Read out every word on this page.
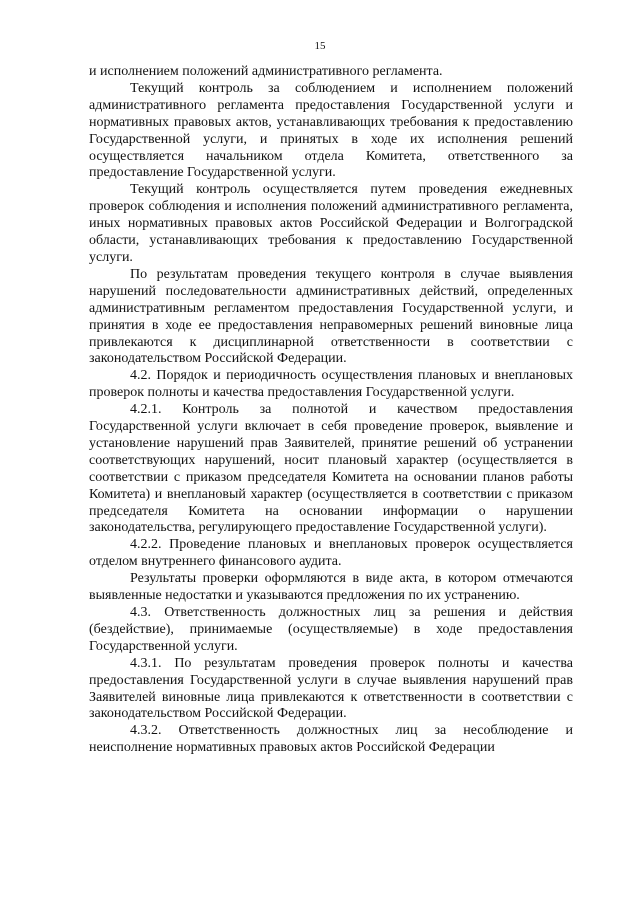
15

и исполнением положений административного регламента.

Текущий контроль за соблюдением и исполнением положений административного регламента предоставления Государственной услуги и нормативных правовых актов, устанавливающих требования к предоставлению Государственной услуги, и принятых в ходе их исполнения решений осуществляется начальником отдела Комитета, ответственного за предоставление Государственной услуги.

Текущий контроль осуществляется путем проведения ежедневных проверок соблюдения и исполнения положений административного регламента, иных нормативных правовых актов Российской Федерации и Волгоградской области, устанавливающих требования к предоставлению Государственной услуги.

По результатам проведения текущего контроля в случае выявления нарушений последовательности административных действий, определенных административным регламентом предоставления Государственной услуги, и принятия в ходе ее предоставления неправомерных решений виновные лица привлекаются к дисциплинарной ответственности в соответствии с законодательством Российской Федерации.

4.2. Порядок и периодичность осуществления плановых и внеплановых проверок полноты и качества предоставления Государственной услуги.

4.2.1. Контроль за полнотой и качеством предоставления Государственной услуги включает в себя проведение проверок, выявление и установление нарушений прав Заявителей, принятие решений об устранении соответствующих нарушений, носит плановый характер (осуществляется в соответствии с приказом председателя Комитета на основании планов работы Комитета) и внеплановый характер (осуществляется в соответствии с приказом председателя Комитета на основании информации о нарушении законодательства, регулирующего предоставление Государственной услуги).

4.2.2. Проведение плановых и внеплановых проверок осуществляется отделом внутреннего финансового аудита.

Результаты проверки оформляются в виде акта, в котором отмечаются выявленные недостатки и указываются предложения по их устранению.

4.3. Ответственность должностных лиц за решения и действия (бездействие), принимаемые (осуществляемые) в ходе предоставления Государственной услуги.

4.3.1. По результатам проведения проверок полноты и качества предоставления Государственной услуги в случае выявления нарушений прав Заявителей виновные лица привлекаются к ответственности в соответствии с законодательством Российской Федерации.

4.3.2. Ответственность должностных лиц за несоблюдение и неисполнение нормативных правовых актов Российской Федерации
